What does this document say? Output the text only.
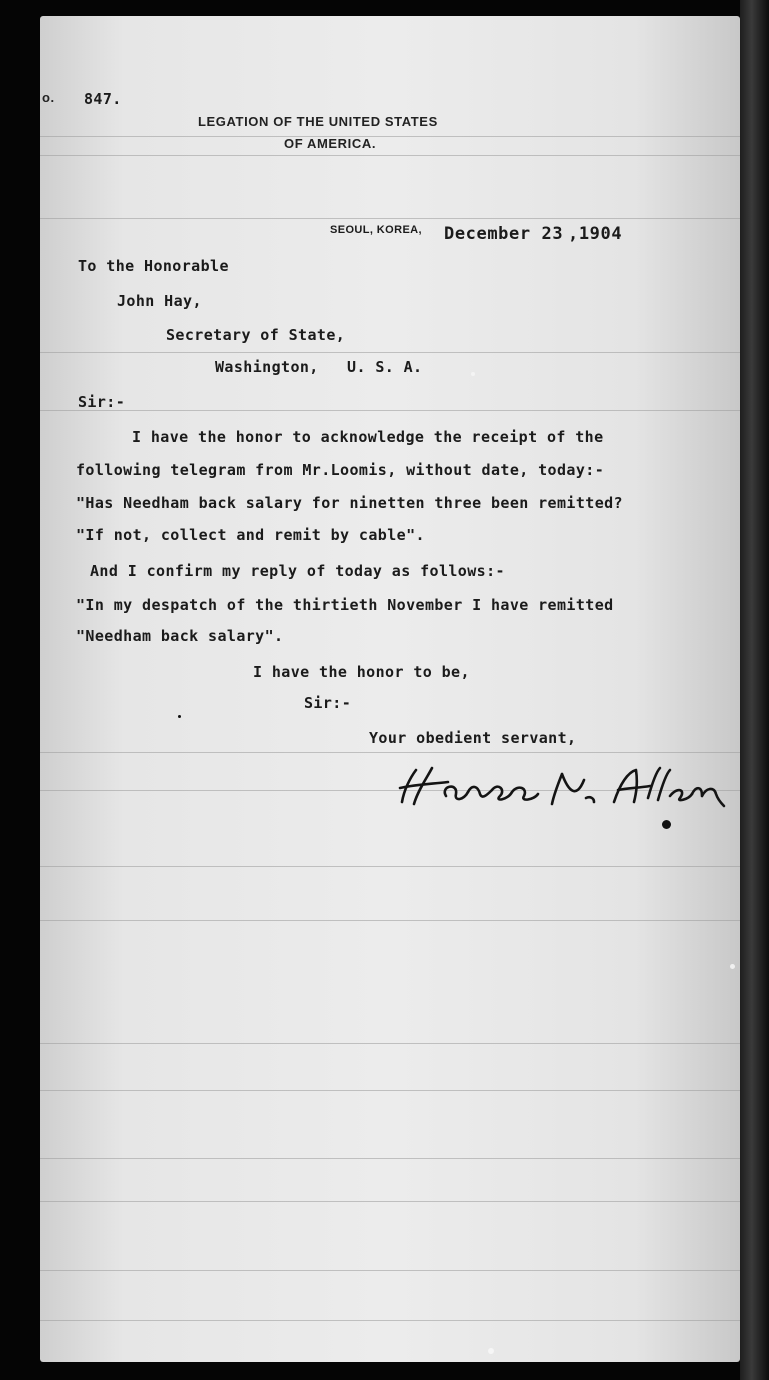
o. 847.
LEGATION OF THE UNITED STATES
OF AMERICA.
SEOUL, KOREA, December 23 ,1904
To the Honorable
John Hay,
Secretary of State,
Washington,   U. S. A.
Sir:-
I have the honor to acknowledge the receipt of the
following telegram from Mr.Loomis, without date, today:-
"Has Needham back salary for ninetten three been remitted?
"If not, collect and remit by cable".
And I confirm my reply of today as follows:-
"In my despatch of the thirtieth November I have remitted
"Needham back salary".
I have the honor to be,
Sir:-
Your obedient servant,
